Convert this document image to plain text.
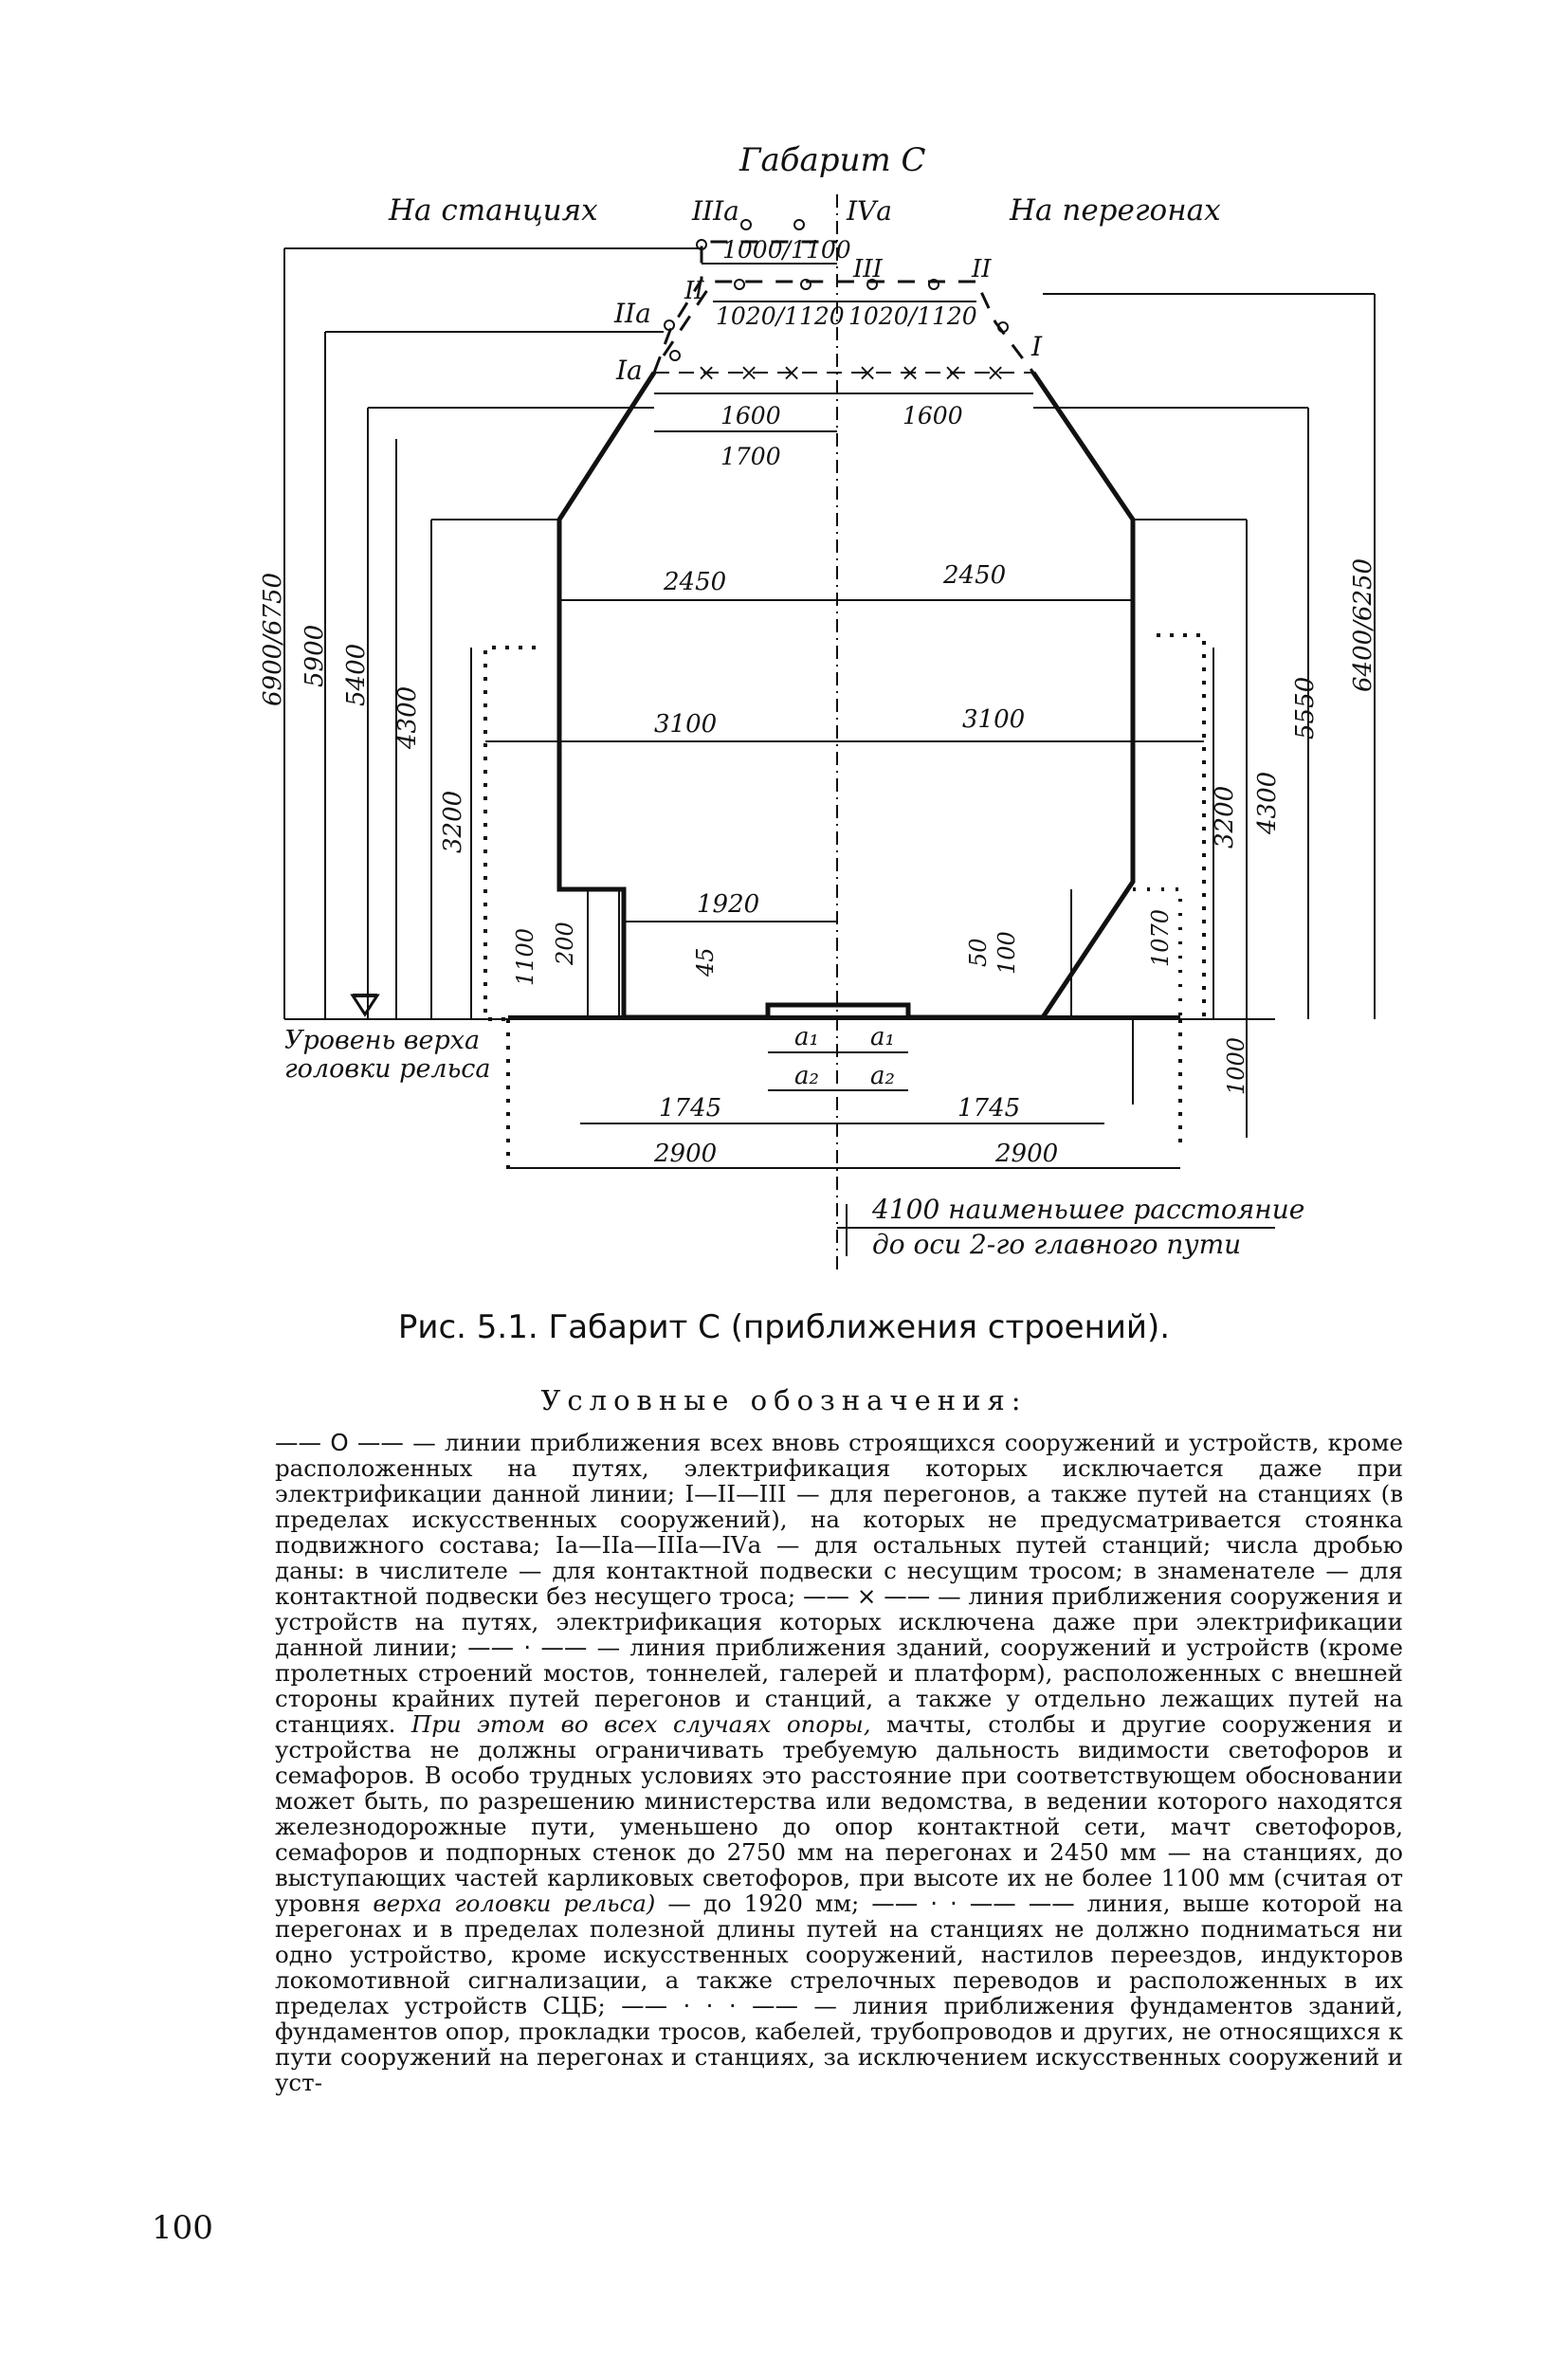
× × × × × × ×
Габарит С
На станциях	На перегонах
IIIа	IVа
IIа
Iа
II
III	II
I
1000/1100
1020/1120 1020/1120
1600	1600
1700
2450	2450
3100	3100
1920
a₁ a₁
a₂ a₂
1745	1745
2900	2900
6900/6750 5900 5400
4300
3200
1100 200	45	50 100	1070
1000
3200 4300
5550
6400/6250
Уровень верха
головки рельса
4100 наименьшее расстояние
до оси 2-го главного пути
Рис. 5.1. Габарит С (приближения строений).
Условные обозначения:
—— О —— — линии приближения всех вновь строящихся сооружений и устройств, кроме расположенных на путях, электрификация которых исключается даже при электрификации данной линии; I—II—III — для перегонов, а также путей на станциях (в пределах искусственных сооружений), на которых не предусматривается стоянка подвижного состава; Iа—IIа—IIIа—IVа — для остальных путей станций; числа дробью даны: в числителе — для контактной подвески с несущим тросом; в знаменателе — для контактной подвески без несущего троса; —— × —— — линия приближения сооружения и устройств на путях, электрификация которых исключена даже при электрификации данной линии; —— · —— — линия приближения зданий, сооружений и устройств (кроме пролетных строений мостов, тоннелей, галерей и платформ), расположенных с внешней стороны крайних путей перегонов и станций, а также у отдельно лежащих путей на станциях. При этом во всех случаях опоры, мачты, столбы и другие сооружения и устройства не должны ограничивать требуемую дальность видимости светофоров и семафоров. В особо трудных условиях это расстояние при соответствующем обосновании может быть, по разрешению министерства или ведомства, в ведении которого находятся железнодорожные пути, уменьшено до опор контактной сети, мачт светофоров, семафоров и подпорных стенок до 2750 мм на перегонах и 2450 мм — на станциях, до выступающих частей карликовых светофоров, при высоте их не более 1100 мм (считая от уровня верха головки рельса) — до 1920 мм; —— · · —— —— линия, выше которой на перегонах и в пределах полезной длины путей на станциях не должно подниматься ни одно устройство, кроме искусственных сооружений, настилов переездов, индукторов локомотивной сигнализации, а также стрелочных переводов и расположенных в их пределах устройств СЦБ; —— · · · —— — линия приближения фундаментов зданий, фундаментов опор, прокладки тросов, кабелей, трубопроводов и других, не относящихся к пути сооружений на перегонах и станциях, за исключением искусственных сооружений и уст-
100
